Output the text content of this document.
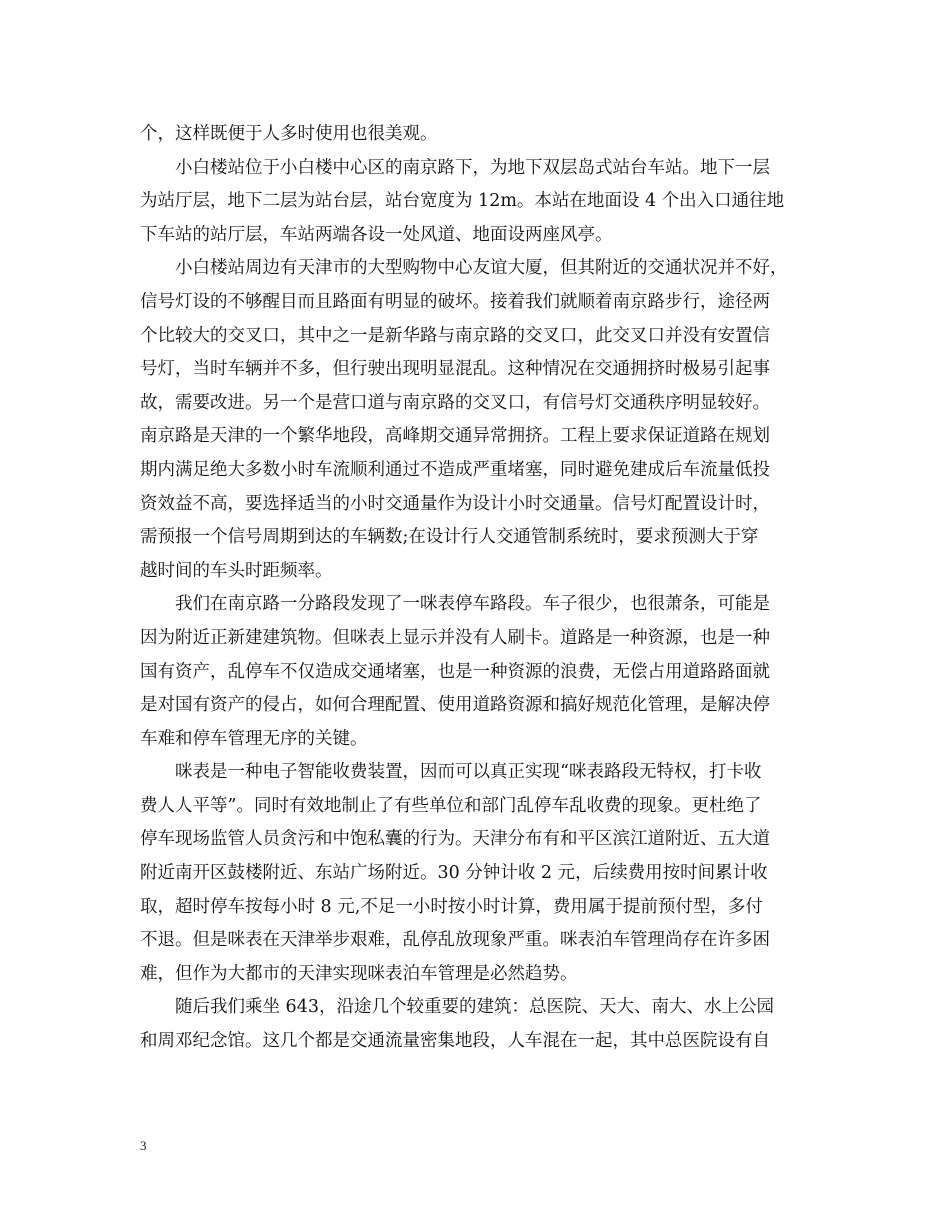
个，这样既便于人多时使用也很美观。
小白楼站位于小白楼中心区的南京路下，为地下双层岛式站台车站。地下一层
为站厅层，地下二层为站台层，站台宽度为 12m。本站在地面设 4 个出入口通往地
下车站的站厅层，车站两端各设一处风道、地面设两座风亭。
小白楼站周边有天津市的大型购物中心友谊大厦，但其附近的交通状况并不好，
信号灯设的不够醒目而且路面有明显的破坏。接着我们就顺着南京路步行，途径两
个比较大的交叉口，其中之一是新华路与南京路的交叉口，此交叉口并没有安置信
号灯，当时车辆并不多，但行驶出现明显混乱。这种情况在交通拥挤时极易引起事
故，需要改进。另一个是营口道与南京路的交叉口，有信号灯交通秩序明显较好。
南京路是天津的一个繁华地段，高峰期交通异常拥挤。工程上要求保证道路在规划
期内满足绝大多数小时车流顺利通过不造成严重堵塞，同时避免建成后车流量低投
资效益不高，要选择适当的小时交通量作为设计小时交通量。信号灯配置设计时，
需预报一个信号周期到达的车辆数;在设计行人交通管制系统时，要求预测大于穿
越时间的车头时距频率。
我们在南京路一分路段发现了一咪表停车路段。车子很少，也很萧条，可能是
因为附近正新建建筑物。但咪表上显示并没有人刷卡。道路是一种资源，也是一种
国有资产，乱停车不仅造成交通堵塞，也是一种资源的浪费，无偿占用道路路面就
是对国有资产的侵占，如何合理配置、使用道路资源和搞好规范化管理，是解决停
车难和停车管理无序的关键。
咪表是一种电子智能收费装置，因而可以真正实现“咪表路段无特权，打卡收
费人人平等”。同时有效地制止了有些单位和部门乱停车乱收费的现象。更杜绝了
停车现场监管人员贪污和中饱私囊的行为。天津分布有和平区滨江道附近、五大道
附近南开区鼓楼附近、东站广场附近。30 分钟计收 2 元，后续费用按时间累计收
取，超时停车按每小时 8 元,不足一小时按小时计算，费用属于提前预付型，多付
不退。但是咪表在天津举步艰难，乱停乱放现象严重。咪表泊车管理尚存在许多困
难，但作为大都市的天津实现咪表泊车管理是必然趋势。
随后我们乘坐 643，沿途几个较重要的建筑：总医院、天大、南大、水上公园
和周邓纪念馆。这几个都是交通流量密集地段，人车混在一起，其中总医院设有自
3
